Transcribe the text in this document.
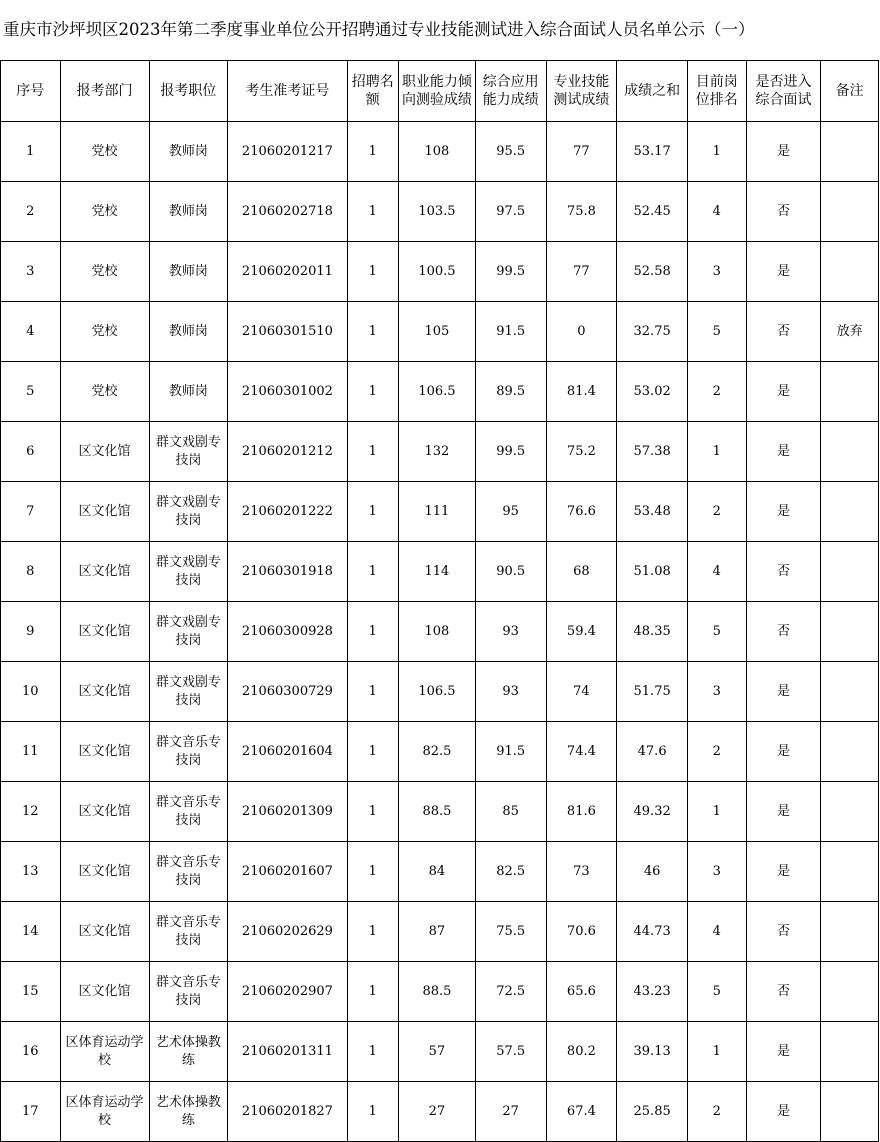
重庆市沙坪坝区2023年第二季度事业单位公开招聘通过专业技能测试进入综合面试人员名单公示（一）
序号	报考部门	报考职位	考生准考证号	招聘名额	职业能力倾向测验成绩	综合应用能力成绩	专业技能测试成绩	成绩之和	目前岗位排名	是否进入综合面试	备注

1	党校	教师岗	21060201217	1	108	95.5	77	53.17	1	是	
2	党校	教师岗	21060202718	1	103.5	97.5	75.8	52.45	4	否	
3	党校	教师岗	21060202011	1	100.5	99.5	77	52.58	3	是	
4	党校	教师岗	21060301510	1	105	91.5	0	32.75	5	否	放弃
5	党校	教师岗	21060301002	1	106.5	89.5	81.4	53.02	2	是	
6	区文化馆	群文戏剧专技岗	21060201212	1	132	99.5	75.2	57.38	1	是	
7	区文化馆	群文戏剧专技岗	21060201222	1	111	95	76.6	53.48	2	是	
8	区文化馆	群文戏剧专技岗	21060301918	1	114	90.5	68	51.08	4	否	
9	区文化馆	群文戏剧专技岗	21060300928	1	108	93	59.4	48.35	5	否	
10	区文化馆	群文戏剧专技岗	21060300729	1	106.5	93	74	51.75	3	是	
11	区文化馆	群文音乐专技岗	21060201604	1	82.5	91.5	74.4	47.6	2	是	
12	区文化馆	群文音乐专技岗	21060201309	1	88.5	85	81.6	49.32	1	是	
13	区文化馆	群文音乐专技岗	21060201607	1	84	82.5	73	46	3	是	
14	区文化馆	群文音乐专技岗	21060202629	1	87	75.5	70.6	44.73	4	否	
15	区文化馆	群文音乐专技岗	21060202907	1	88.5	72.5	65.6	43.23	5	否	
16	区体育运动学校	艺术体操教练	21060201311	1	57	57.5	80.2	39.13	1	是	
17	区体育运动学校	艺术体操教练	21060201827	1	27	27	67.4	25.85	2	是	
